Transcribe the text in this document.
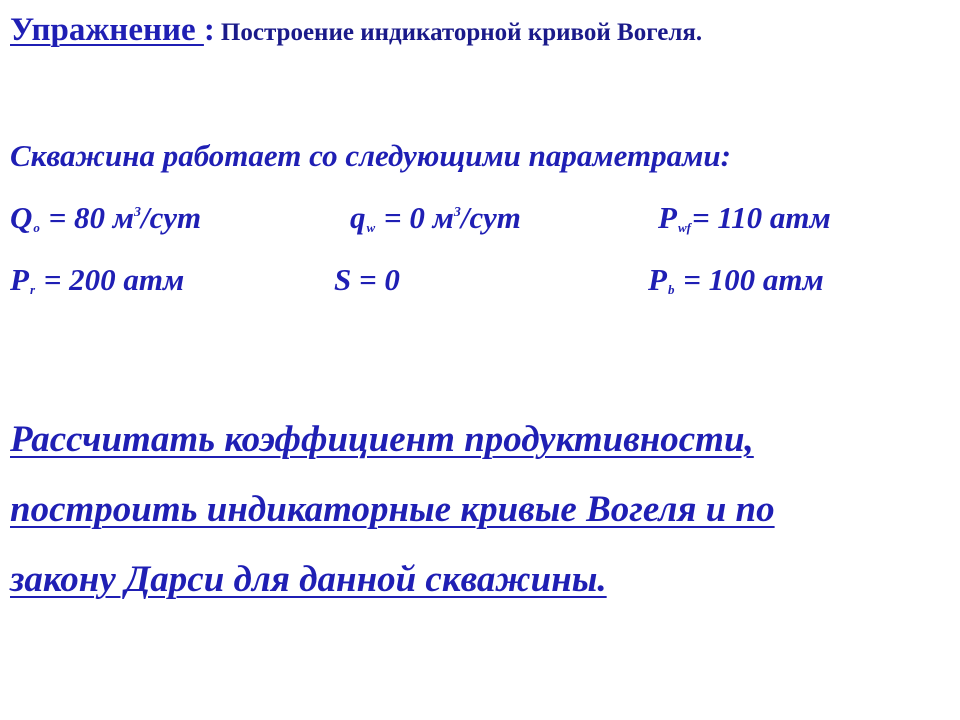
Упражнение : Построение индикаторной кривой Вогеля.
Скважина работает со следующими параметрами:
$Q_о = 80$ $м^3$/сут	$q_w = 0$ $м^3$/сут	$P_{wf}= 110$ атм
$P_r = 200$ атм	S = 0	$P_b = 100$ атм
Рассчитать коэффициент продуктивности,
построить индикаторные кривые Вогеля и по
закону Дарси для данной скважины.
